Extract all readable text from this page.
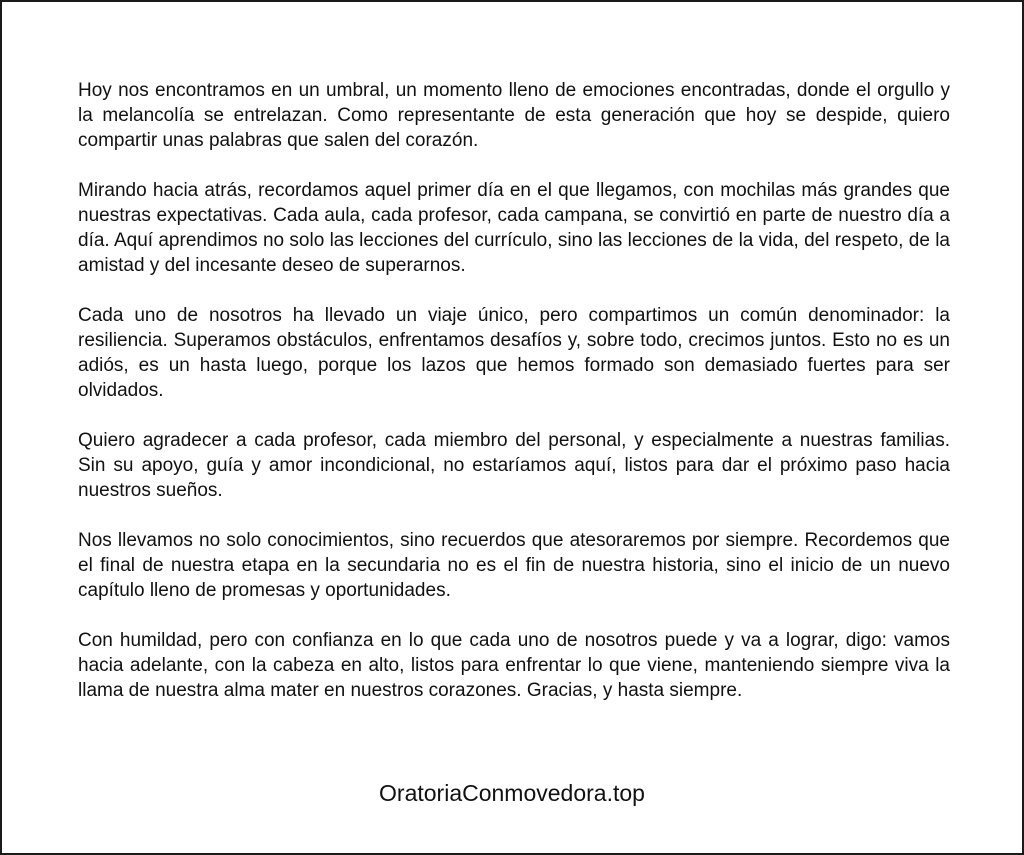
Hoy nos encontramos en un umbral, un momento lleno de emociones encontradas, donde el orgullo y la melancolía se entrelazan. Como representante de esta generación que hoy se despide, quiero compartir unas palabras que salen del corazón.

Mirando hacia atrás, recordamos aquel primer día en el que llegamos, con mochilas más grandes que nuestras expectativas. Cada aula, cada profesor, cada campana, se convirtió en parte de nuestro día a día. Aquí aprendimos no solo las lecciones del currículo, sino las lecciones de la vida, del respeto, de la amistad y del incesante deseo de superarnos.

Cada uno de nosotros ha llevado un viaje único, pero compartimos un común denominador: la resiliencia. Superamos obstáculos, enfrentamos desafíos y, sobre todo, crecimos juntos. Esto no es un adiós, es un hasta luego, porque los lazos que hemos formado son demasiado fuertes para ser olvidados.

Quiero agradecer a cada profesor, cada miembro del personal, y especialmente a nuestras familias. Sin su apoyo, guía y amor incondicional, no estaríamos aquí, listos para dar el próximo paso hacia nuestros sueños.

Nos llevamos no solo conocimientos, sino recuerdos que atesoraremos por siempre. Recordemos que el final de nuestra etapa en la secundaria no es el fin de nuestra historia, sino el inicio de un nuevo capítulo lleno de promesas y oportunidades.

Con humildad, pero con confianza en lo que cada uno de nosotros puede y va a lograr, digo: vamos hacia adelante, con la cabeza en alto, listos para enfrentar lo que viene, manteniendo siempre viva la llama de nuestra alma mater en nuestros corazones. Gracias, y hasta siempre.

OratoriaConmovedora.top
